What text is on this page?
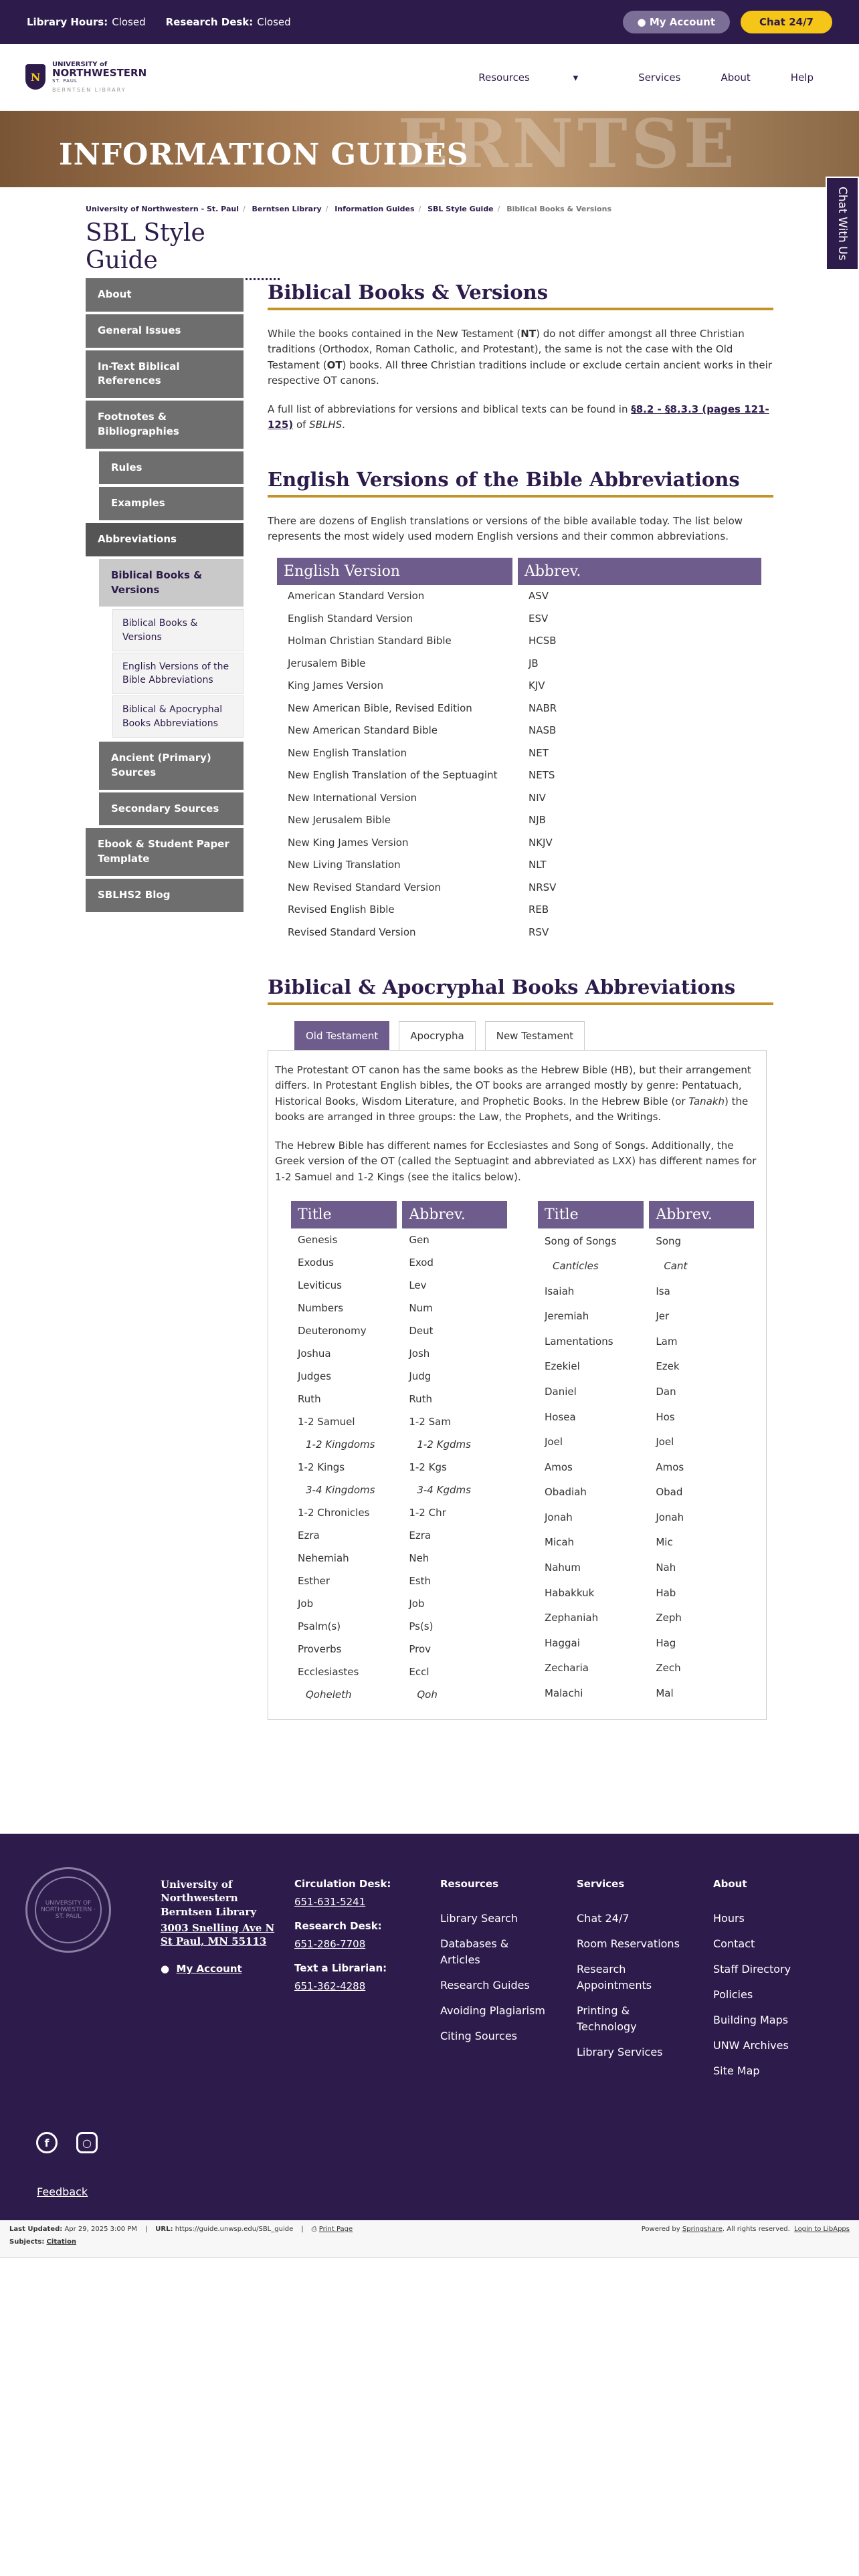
Library Hours: Closed Research Desk: Closed	● My Account	Chat 24/7
N
UNIVERSITY of
NORTHWESTERN
ST. PAUL
BERNTSEN LIBRARY
Resources	▾	Services	About	Help
ERNTSE
INFORMATION GUIDES
Chat With Us
University of Northwestern - St. Paul / Berntsen Library / Information Guides / SBL Style Guide / Biblical Books & Versions
SBL Style Guide
About
General Issues
In-Text Biblical References
Footnotes & Bibliographies
Rules
Examples
Abbreviations
Biblical Books & Versions
Biblical Books & Versions
English Versions of the Bible Abbreviations
Biblical & Apocryphal Books Abbreviations
Ancient (Primary) Sources
Secondary Sources
Ebook & Student Paper Template
SBLHS2 Blog
Biblical Books & Versions

While the books contained in the New Testament (NT) do not differ amongst all three Christian traditions (Orthodox, Roman Catholic, and Protestant), the same is not the case with the Old Testament (OT) books. All three Christian traditions include or exclude certain ancient works in their respective OT canons.

A full list of abbreviations for versions and biblical texts can be found in §8.2 - §8.3.3 (pages 121-125) of SBLHS.

English Versions of the Bible Abbreviations

There are dozens of English translations or versions of the bible available today. The list below represents the most widely used modern English versions and their common abbreviations.

English Version	Abbrev.
American Standard Version	ASV
English Standard Version	ESV
Holman Christian Standard Bible	HCSB
Jerusalem Bible	JB
King James Version	KJV
New American Bible, Revised Edition	NABR
New American Standard Bible	NASB
New English Translation	NET
New English Translation of the Septuagint	NETS
New International Version	NIV
New Jerusalem Bible	NJB
New King James Version	NKJV
New Living Translation	NLT
New Revised Standard Version	NRSV
Revised English Bible	REB
Revised Standard Version	RSV
Biblical & Apocryphal Books Abbreviations
Old Testament	Apocrypha	New Testament

The Protestant OT canon has the same books as the Hebrew Bible (HB), but their arrangement differs. In Protestant English bibles, the OT books are arranged mostly by genre: Pentatuach, Historical Books, Wisdom Literature, and Prophetic Books. In the Hebrew Bible (or Tanakh) the books are arranged in three groups: the Law, the Prophets, and the Writings.

The Hebrew Bible has different names for Ecclesiastes and Song of Songs. Additionally, the Greek version of the OT (called the Septuagint and abbreviated as LXX) has different names for 1-2 Samuel and 1-2 Kings (see the italics below).

Title	Abbrev.
Genesis	Gen
Exodus	Exod
Leviticus	Lev
Numbers	Num
Deuteronomy	Deut
Joshua	Josh
Judges	Judg
Ruth	Ruth
1-2 Samuel	1-2 Sam
1-2 Kingdoms	1-2 Kgdms
1-2 Kings	1-2 Kgs
3-4 Kingdoms	3-4 Kgdms
1-2 Chronicles	1-2 Chr
Ezra	Ezra
Nehemiah	Neh
Esther	Esth
Job	Job
Psalm(s)	Ps(s)
Proverbs	Prov
Ecclesiastes	Eccl
Qoheleth	Qoh
Title	Abbrev.
Song of Songs	Song
Canticles	Cant
Isaiah	Isa
Jeremiah	Jer
Lamentations	Lam
Ezekiel	Ezek
Daniel	Dan
Hosea	Hos
Joel	Joel
Amos	Amos
Obadiah	Obad
Jonah	Jonah
Micah	Mic
Nahum	Nah
Habakkuk	Hab
Zephaniah	Zeph
Haggai	Hag
Zecharia	Zech
Malachi	Mal
UNIVERSITY OF NORTHWESTERN · ST. PAUL
University of Northwestern
Berntsen Library
3003 Snelling Ave N
St Paul, MN 55113
●  My Account
Circulation Desk:
651-631-5241
Research Desk:
651-286-7708
Text a Librarian:
651-362-4288
Resources
Library Search
Databases & Articles
Research Guides
Avoiding Plagiarism
Citing Sources
Services
Chat 24/7
Room Reservations
Research Appointments
Printing & Technology
Library Services
About
Hours
Contact
Staff Directory
Policies
Building Maps
UNW Archives
Site Map
f	○
Feedback
Last Updated: Apr 29, 2025 3:00 PM | URL: https://guide.unwsp.edu/SBL_guide | ⎙ Print Page	Powered by Springshare. All rights reserved. Login to LibApps
Subjects: Citation
